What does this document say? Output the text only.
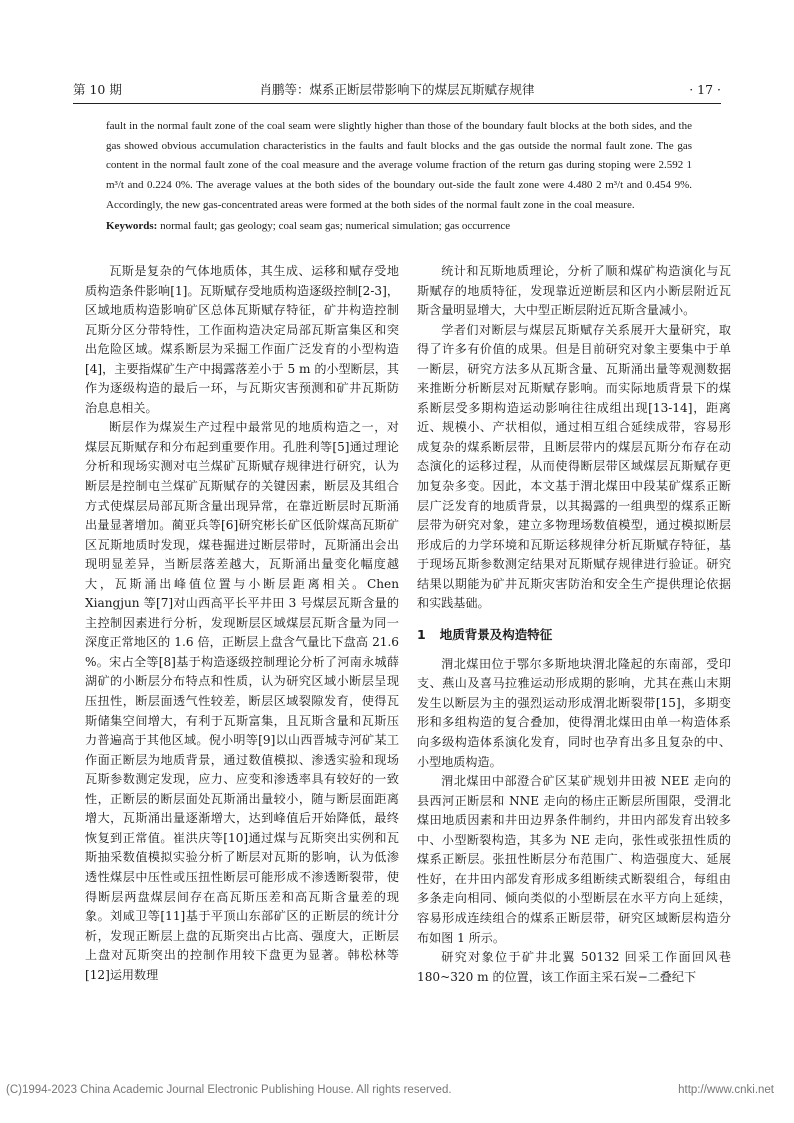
第 10 期	肖鹏等：煤系正断层带影响下的煤层瓦斯赋存规律	· 17 ·

fault in the normal fault zone of the coal seam were slightly higher than those of the boundary fault blocks at the both sides, and the gas showed obvious accumulation characteristics in the faults and fault blocks and the gas outside the normal fault zone. The gas content in the normal fault zone of the coal measure and the average volume fraction of the return gas during stoping were 2.592 1 m³/t and 0.224 0%. The average values at the both sides of the boundary out-side the fault zone were 4.480 2 m³/t and 0.454 9%. Accordingly, the new gas-concentrated areas were formed at the both sides of the normal fault zone in the coal measure.

Keywords: normal fault; gas geology; coal seam gas; numerical simulation; gas occurrence

瓦斯是复杂的气体地质体，其生成、运移和赋存受地质构造条件影响[1]。瓦斯赋存受地质构造逐级控制[2-3]，区域地质构造影响矿区总体瓦斯赋存特征，矿井构造控制瓦斯分区分带特性，工作面构造决定局部瓦斯富集区和突出危险区域。煤系断层为采掘工作面广泛发育的小型构造[4]，主要指煤矿生产中揭露落差小于 5 m 的小型断层，其作为逐级构造的最后一环，与瓦斯灾害预测和矿井瓦斯防治息息相关。

断层作为煤炭生产过程中最常见的地质构造之一，对煤层瓦斯赋存和分布起到重要作用。孔胜利等[5]通过理论分析和现场实测对屯兰煤矿瓦斯赋存规律进行研究，认为断层是控制屯兰煤矿瓦斯赋存的关键因素，断层及其组合方式使煤层局部瓦斯含量出现异常，在靠近断层时瓦斯涌出量显著增加。蔺亚兵等[6]研究彬长矿区低阶煤高瓦斯矿区瓦斯地质时发现，煤巷掘进过断层带时，瓦斯涌出会出现明显差异，当断层落差越大，瓦斯涌出量变化幅度越大，瓦斯涌出峰值位置与小断层距离相关。Chen Xiangjun 等[7]对山西高平长平井田 3 号煤层瓦斯含量的主控制因素进行分析，发现断层区域煤层瓦斯含量为同一深度正常地区的 1.6 倍，正断层上盘含气量比下盘高 21.6 %。宋占全等[8]基于构造逐级控制理论分析了河南永城薛湖矿的小断层分布特点和性质，认为研究区域小断层呈现压扭性，断层面透气性较差，断层区域裂隙发育，使得瓦斯储集空间增大，有利于瓦斯富集，且瓦斯含量和瓦斯压力普遍高于其他区域。倪小明等[9]以山西晋城寺河矿某工作面正断层为地质背景，通过数值模拟、渗透实验和现场瓦斯参数测定发现，应力、应变和渗透率具有较好的一致性，正断层的断层面处瓦斯涌出量较小，随与断层面距离增大，瓦斯涌出量逐渐增大，达到峰值后开始降低，最终恢复到正常值。崔洪庆等[10]通过煤与瓦斯突出实例和瓦斯抽采数值模拟实验分析了断层对瓦斯的影响，认为低渗透性煤层中压性或压扭性断层可能形成不渗透断裂带，使得断层两盘煤层间存在高瓦斯压差和高瓦斯含量差的现象。刘咸卫等[11]基于平顶山东部矿区的正断层的统计分析，发现正断层上盘的瓦斯突出占比高、强度大，正断层上盘对瓦斯突出的控制作用较下盘更为显著。韩松林等[12]运用数理

统计和瓦斯地质理论，分析了顺和煤矿构造演化与瓦斯赋存的地质特征，发现靠近逆断层和区内小断层附近瓦斯含量明显增大，大中型正断层附近瓦斯含量减小。

学者们对断层与煤层瓦斯赋存关系展开大量研究，取得了许多有价值的成果。但是目前研究对象主要集中于单一断层，研究方法多从瓦斯含量、瓦斯涌出量等观测数据来推断分析断层对瓦斯赋存影响。而实际地质背景下的煤系断层受多期构造运动影响往往成组出现[13-14]，距离近、规模小、产状相似，通过相互组合延续成带，容易形成复杂的煤系断层带，且断层带内的煤层瓦斯分布存在动态演化的运移过程，从而使得断层带区域煤层瓦斯赋存更加复杂多变。因此，本文基于渭北煤田中段某矿煤系正断层广泛发育的地质背景，以其揭露的一组典型的煤系正断层带为研究对象，建立多物理场数值模型，通过模拟断层形成后的力学环境和瓦斯运移规律分析瓦斯赋存特征，基于现场瓦斯参数测定结果对瓦斯赋存规律进行验证。研究结果以期能为矿井瓦斯灾害防治和安全生产提供理论依据和实践基础。

1 地质背景及构造特征

渭北煤田位于鄂尔多斯地块渭北隆起的东南部，受印支、燕山及喜马拉雅运动形成期的影响，尤其在燕山末期发生以断层为主的强烈运动形成渭北断裂带[15]，多期变形和多组构造的复合叠加，使得渭北煤田由单一构造体系向多级构造体系演化发育，同时也孕育出多且复杂的中、小型地质构造。

渭北煤田中部澄合矿区某矿规划井田被 NEE 走向的县西河正断层和 NNE 走向的杨庄正断层所围限，受渭北煤田地质因素和井田边界条件制约，井田内部发育出较多中、小型断裂构造，其多为 NE 走向，张性或张扭性质的煤系正断层。张扭性断层分布范围广、构造强度大、延展性好，在井田内部发育形成多组断续式断裂组合，每组由多条走向相同、倾向类似的小型断层在水平方向上延续，容易形成连续组合的煤系正断层带，研究区域断层构造分布如图 1 所示。

研究对象位于矿井北翼 50132 回采工作面回风巷 180~320 m 的位置，该工作面主采石炭−二叠纪下

(C)1994-2023 China Academic Journal Electronic Publishing House. All rights reserved.	http://www.cnki.net
